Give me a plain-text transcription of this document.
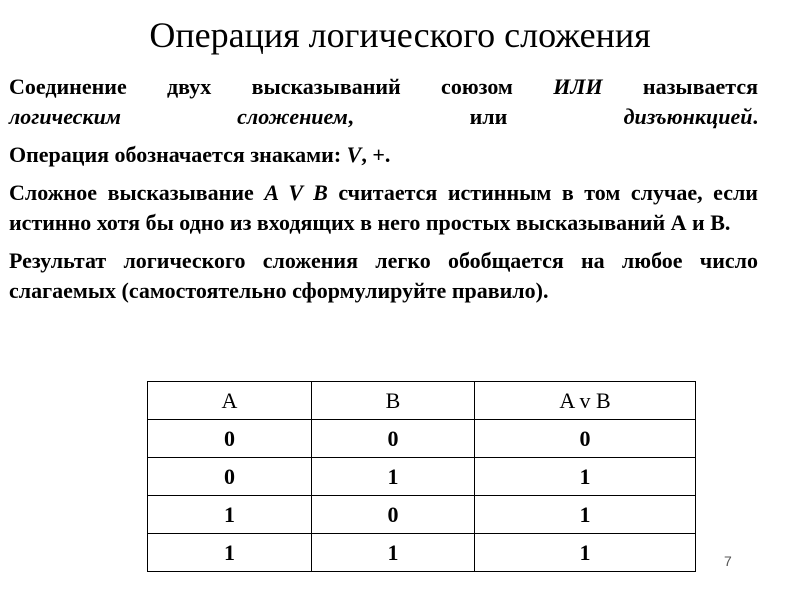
Операция логического сложения

Соединение двух высказываний союзом ИЛИ называется
логическим сложением, или дизъюнкцией.

Операция обозначается знаками: V, +.

Сложное высказывание A V B считается истинным в том случае, если истинно хотя бы одно из входящих в него простых высказываний А и В.

Результат логического сложения легко обобщается на любое число слагаемых (самостоятельно сформулируйте правило).

A	B	A v B
0	0	0
0	1	1
1	0	1
1	1	1	7
